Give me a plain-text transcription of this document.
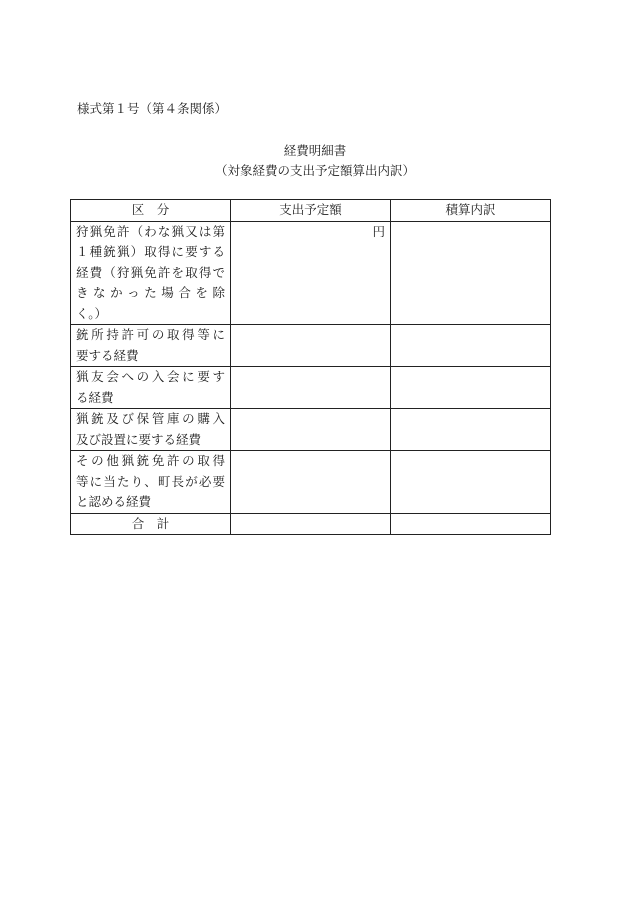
様式第１号（第４条関係）
経費明細書
（対象経費の支出予定額算出内訳）
区　分	支出予定額	積算内訳

狩猟免許（わな猟又は第
１種銃猟）取得に要する
経費（狩猟免許を取得で
き な か っ た 場 合 を 除
く。）	円	

銃所持許可の取得等に
要する経費		

猟友会への入会に要す
る経費		

猟銃及び保管庫の購入
及び設置に要する経費		

その他猟銃免許の取得
等に当たり、町長が必要
と認める経費		

合　計		
